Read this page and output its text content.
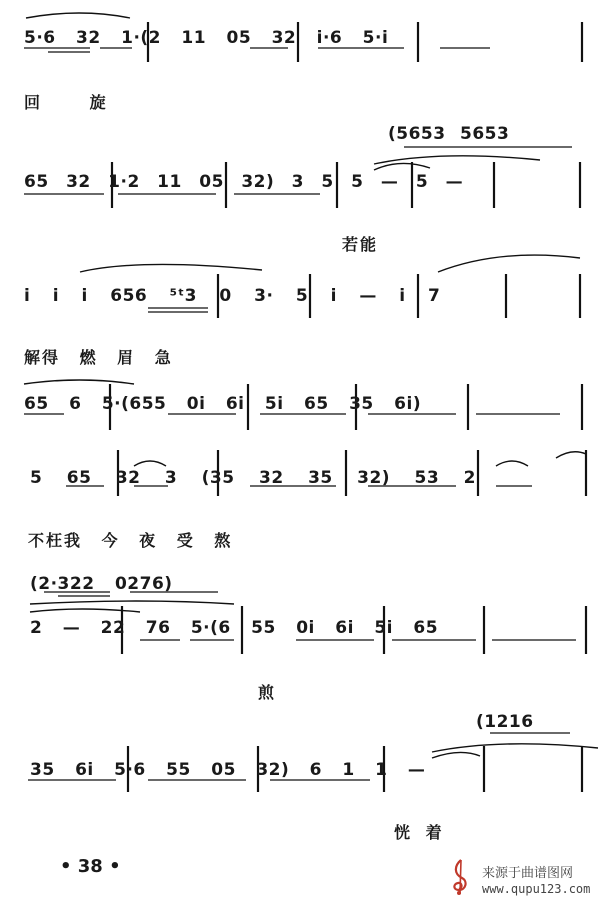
5·6 32 1·(2 11 05 32 i·6 5·i
回 旋
(5653 5653
65 32 1·2 11 05 32) 3 5 5 — 5 —
若能
i i i 656 ⁵ᵗ3 0 3· 5 i — i 7
解得 燃 眉 急
65 6 5·(655 0i 6i 5i 65 35 6i)
5 65 32 3 (35 32 35 32) 53 2
不枉我 今 夜 受 熬
(2·322 0276)
2 — 22 76 5·(6 55 0i 6i 5i 65
煎
(1216
35 6i 5·6 55 05 32) 6 1 1 —
恍 着
• 38 •	来源于曲谱图网
www.qupu123.com
